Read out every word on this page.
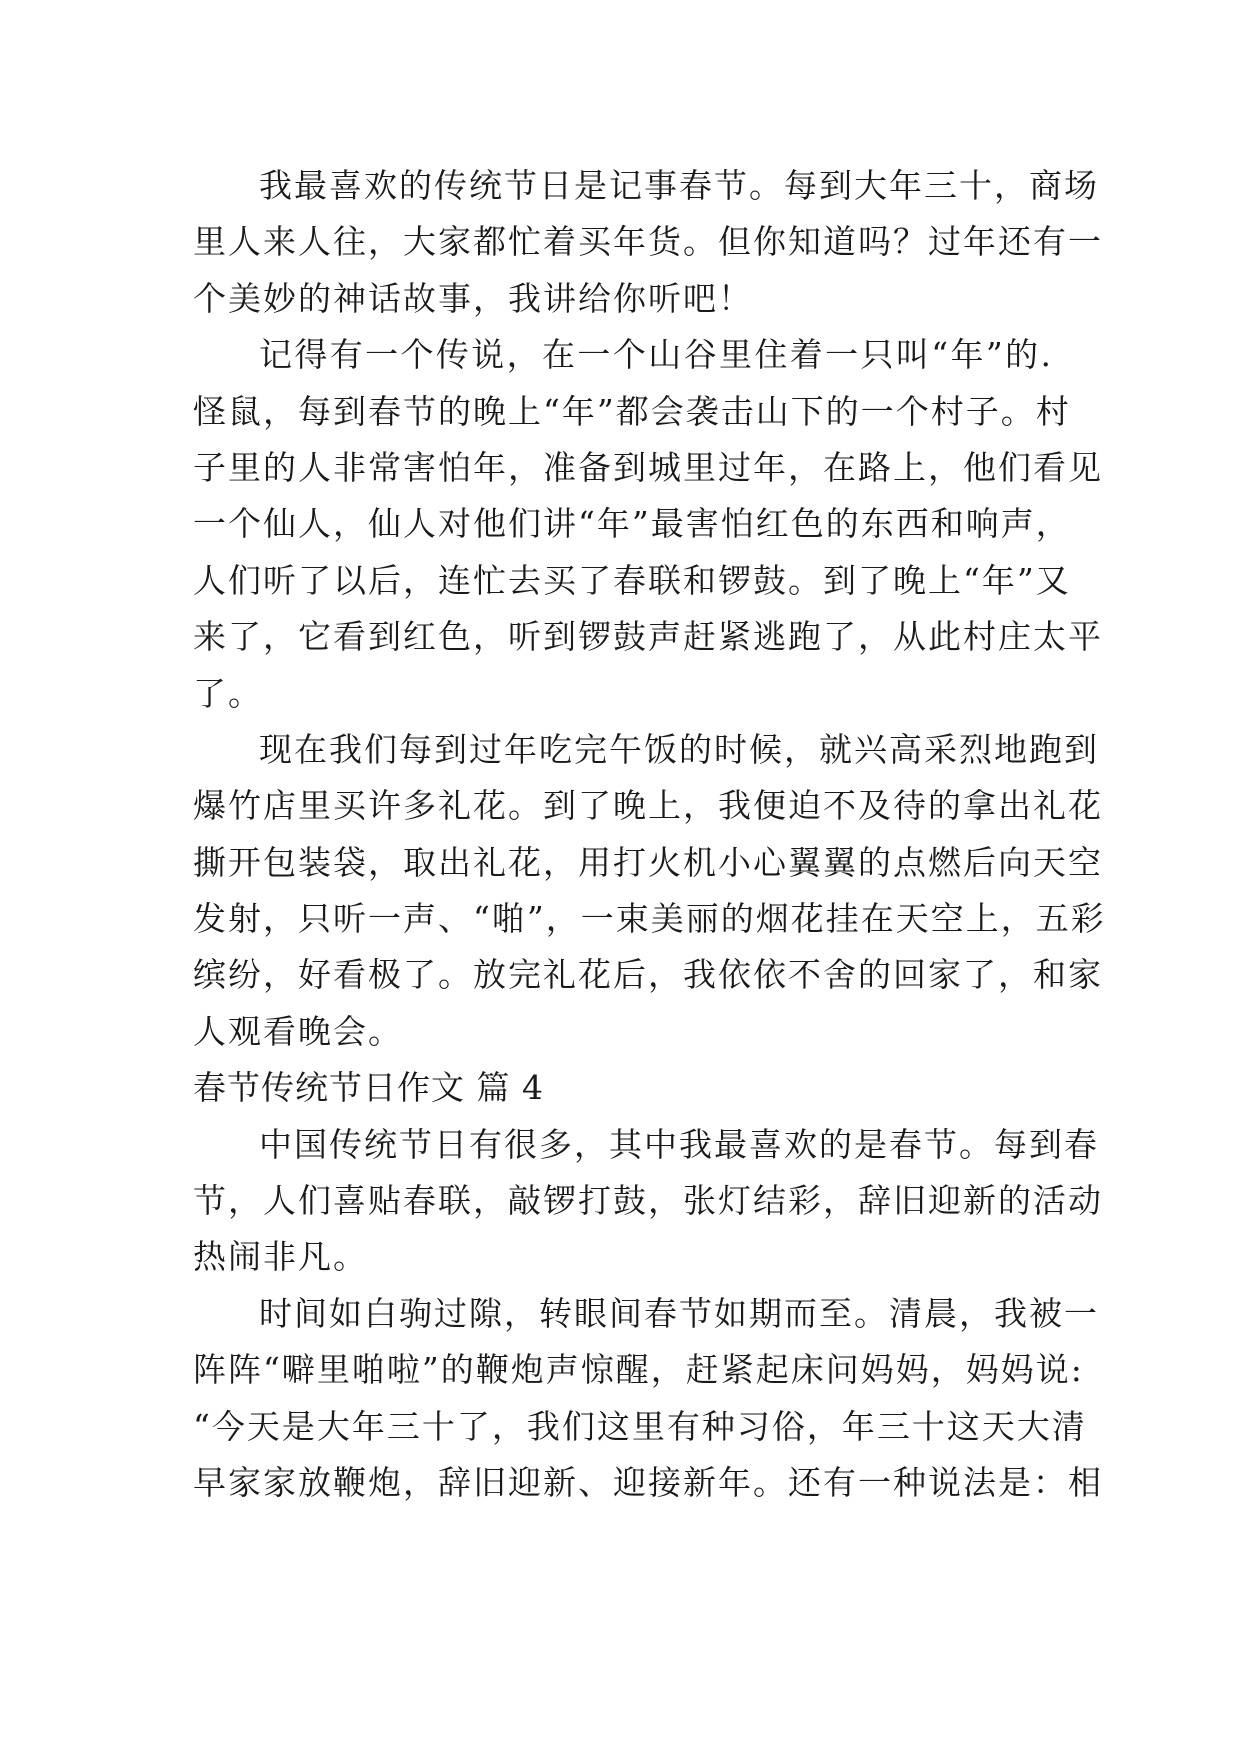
我最喜欢的传统节日是记事春节。每到大年三十，商场
里人来人往，大家都忙着买年货。但你知道吗？过年还有一
个美妙的神话故事，我讲给你听吧！
记得有一个传说，在一个山谷里住着一只叫“年”的.
怪鼠，每到春节的晚上“年”都会袭击山下的一个村子。村
子里的人非常害怕年，准备到城里过年，在路上，他们看见
一个仙人，仙人对他们讲“年”最害怕红色的东西和响声，
人们听了以后，连忙去买了春联和锣鼓。到了晚上“年”又
来了，它看到红色，听到锣鼓声赶紧逃跑了，从此村庄太平
了。
现在我们每到过年吃完午饭的时候，就兴高采烈地跑到
爆竹店里买许多礼花。到了晚上，我便迫不及待的拿出礼花
撕开包装袋，取出礼花，用打火机小心翼翼的点燃后向天空
发射，只听一声、“啪”，一束美丽的烟花挂在天空上，五彩
缤纷，好看极了。放完礼花后，我依依不舍的回家了，和家
人观看晚会。
春节传统节日作文 篇 4
中国传统节日有很多，其中我最喜欢的是春节。每到春
节，人们喜贴春联，敲锣打鼓，张灯结彩，辞旧迎新的活动
热闹非凡。
时间如白驹过隙，转眼间春节如期而至。清晨，我被一
阵阵“噼里啪啦”的鞭炮声惊醒，赶紧起床问妈妈，妈妈说:
“今天是大年三十了，我们这里有种习俗，年三十这天大清
早家家放鞭炮，辞旧迎新、迎接新年。还有一种说法是：相
